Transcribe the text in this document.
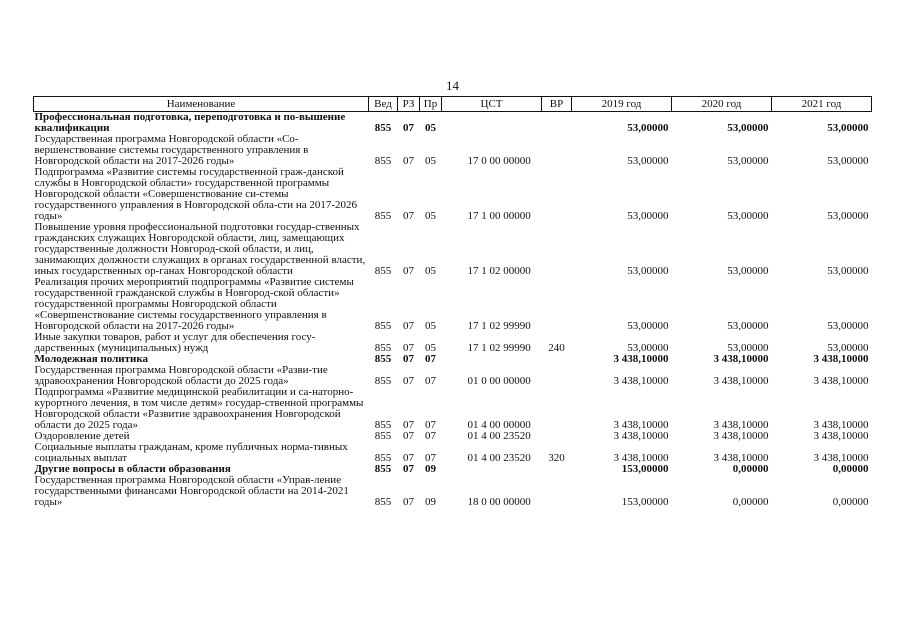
14
Наименование	Вед	РЗ	Пр	ЦСТ	ВР	2019 год	2020 год	2021 год
Профессиональная подготовка, переподготовка и по-вышение квалификации	855	07	05			53,00000	53,00000	53,00000
Государственная программа Новгородской области «Со-вершенствование системы государственного управления в Новгородской области на 2017-2026 годы»	855	07	05	17 0 00 00000		53,00000	53,00000	53,00000
Подпрограмма «Развитие системы государственной граж-данской службы в Новгородской области» государственной программы Новгородской области «Совершенствование си-стемы государственного управления в Новгородской обла-сти на 2017-2026 годы»	855	07	05	17 1 00 00000		53,00000	53,00000	53,00000
Повышение уровня профессиональной подготовки государ-ственных гражданских служащих Новгородской области, лиц, замещающих государственные должности Новгород-ской области, и лиц, занимающих должности служащих в органах государственной власти, иных государственных ор-ганах Новгородской области	855	07	05	17 1 02 00000		53,00000	53,00000	53,00000
Реализация прочих мероприятий подпрограммы «Развитие системы государственной гражданской службы в Новгород-ской области» государственной программы Новгородской области «Совершенствование системы государственного управления в Новгородской области на 2017-2026 годы»	855	07	05	17 1 02 99990		53,00000	53,00000	53,00000
Иные закупки товаров, работ и услуг для обеспечения госу-дарственных (муниципальных) нужд	855	07	05	17 1 02 99990	240	53,00000	53,00000	53,00000
Молодежная политика	855	07	07			3 438,10000	3 438,10000	3 438,10000
Государственная программа Новгородской области «Разви-тие здравоохранения Новгородской области до 2025 года»	855	07	07	01 0 00 00000		3 438,10000	3 438,10000	3 438,10000
Подпрограмма «Развитие медицинской реабилитации и са-наторно-курортного лечения, в том числе детям» государ-ственной программы Новгородской области «Развитие здравоохранения Новгородской области до 2025 года»	855	07	07	01 4 00 00000		3 438,10000	3 438,10000	3 438,10000
Оздоровление детей	855	07	07	01 4 00 23520		3 438,10000	3 438,10000	3 438,10000
Социальные выплаты гражданам, кроме публичных норма-тивных социальных выплат	855	07	07	01 4 00 23520	320	3 438,10000	3 438,10000	3 438,10000
Другие вопросы в области образования	855	07	09			153,00000	0,00000	0,00000
Государственная программа Новгородской области «Управ-ление государственными финансами Новгородской области на 2014-2021 годы»	855	07	09	18 0 00 00000		153,00000	0,00000	0,00000
